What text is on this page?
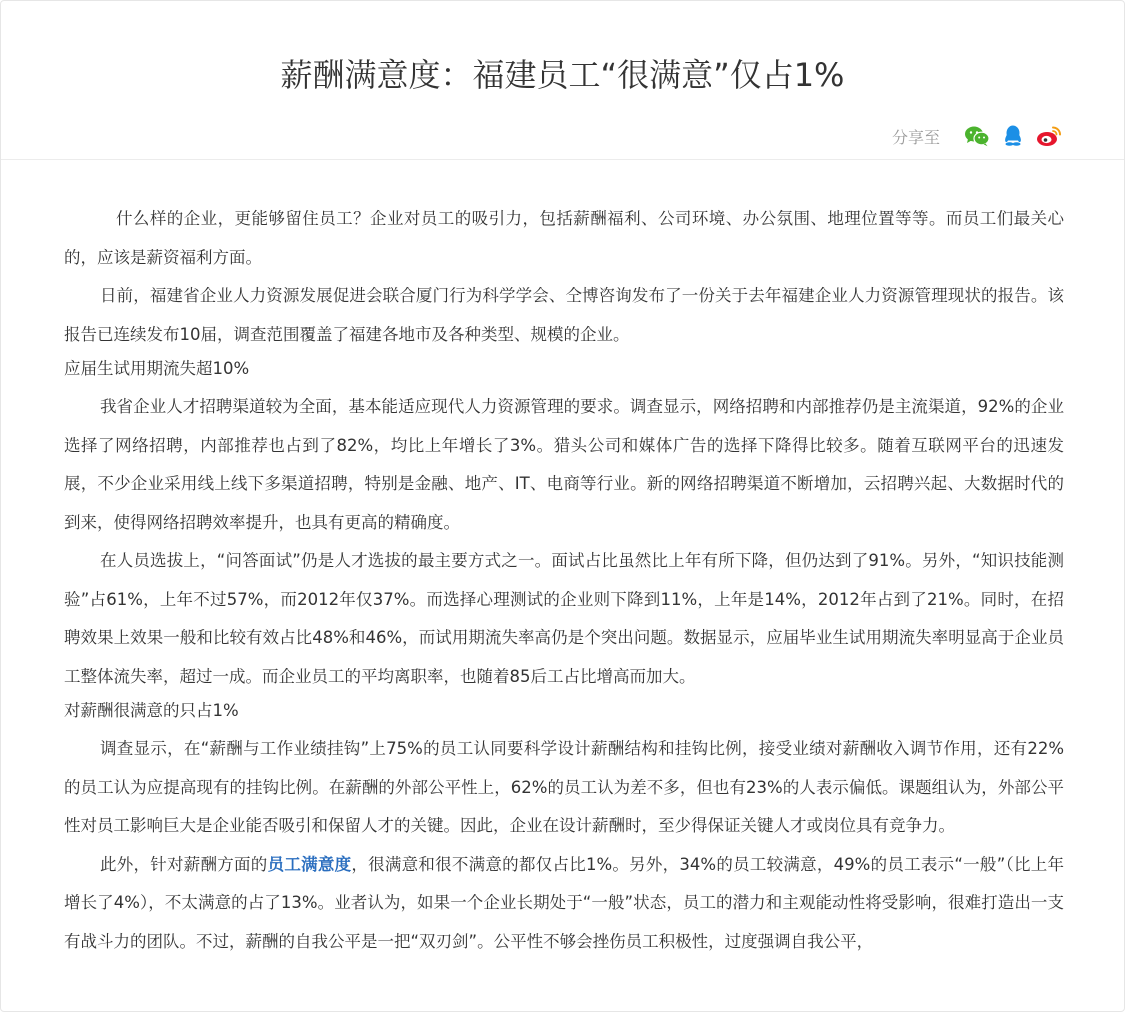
薪酬满意度：福建员工“很满意”仅占1%
分享至

什么样的企业，更能够留住员工？企业对员工的吸引力，包括薪酬福利、公司环境、办公氛围、地理位置等等。而员工们最关心的，应该是薪资福利方面。

日前，福建省企业人力资源发展促进会联合厦门行为科学学会、仝博咨询发布了一份关于去年福建企业人力资源管理现状的报告。该报告已连续发布10届，调查范围覆盖了福建各地市及各种类型、规模的企业。

应届生试用期流失超10%

我省企业人才招聘渠道较为全面，基本能适应现代人力资源管理的要求。调查显示，网络招聘和内部推荐仍是主流渠道，92%的企业选择了网络招聘，内部推荐也占到了82%，均比上年增长了3%。猎头公司和媒体广告的选择下降得比较多。随着互联网平台的迅速发展，不少企业采用线上线下多渠道招聘，特别是金融、地产、IT、电商等行业。新的网络招聘渠道不断增加，云招聘兴起、大数据时代的到来，使得网络招聘效率提升，也具有更高的精确度。

在人员选拔上，“问答面试”仍是人才选拔的最主要方式之一。面试占比虽然比上年有所下降，但仍达到了91%。另外，“知识技能测验”占61%，上年不过57%，而2012年仅37%。而选择心理测试的企业则下降到11%，上年是14%，2012年占到了21%。同时，在招聘效果上效果一般和比较有效占比48%和46%，而试用期流失率高仍是个突出问题。数据显示，应届毕业生试用期流失率明显高于企业员工整体流失率，超过一成。而企业员工的平均离职率，也随着85后工占比增高而加大。

对薪酬很满意的只占1%

调查显示，在“薪酬与工作业绩挂钩”上75%的员工认同要科学设计薪酬结构和挂钩比例，接受业绩对薪酬收入调节作用，还有22%的员工认为应提高现有的挂钩比例。在薪酬的外部公平性上，62%的员工认为差不多，但也有23%的人表示偏低。课题组认为，外部公平性对员工影响巨大是企业能否吸引和保留人才的关键。因此，企业在设计薪酬时，至少得保证关键人才或岗位具有竞争力。

此外，针对薪酬方面的员工满意度，很满意和很不满意的都仅占比1%。另外，34%的员工较满意，49%的员工表示“一般”（比上年增长了4%），不太满意的占了13%。业者认为，如果一个企业长期处于“一般”状态，员工的潜力和主观能动性将受影响，很难打造出一支有战斗力的团队。不过，薪酬的自我公平是一把“双刃剑”。公平性不够会挫伤员工积极性，过度强调自我公平，
